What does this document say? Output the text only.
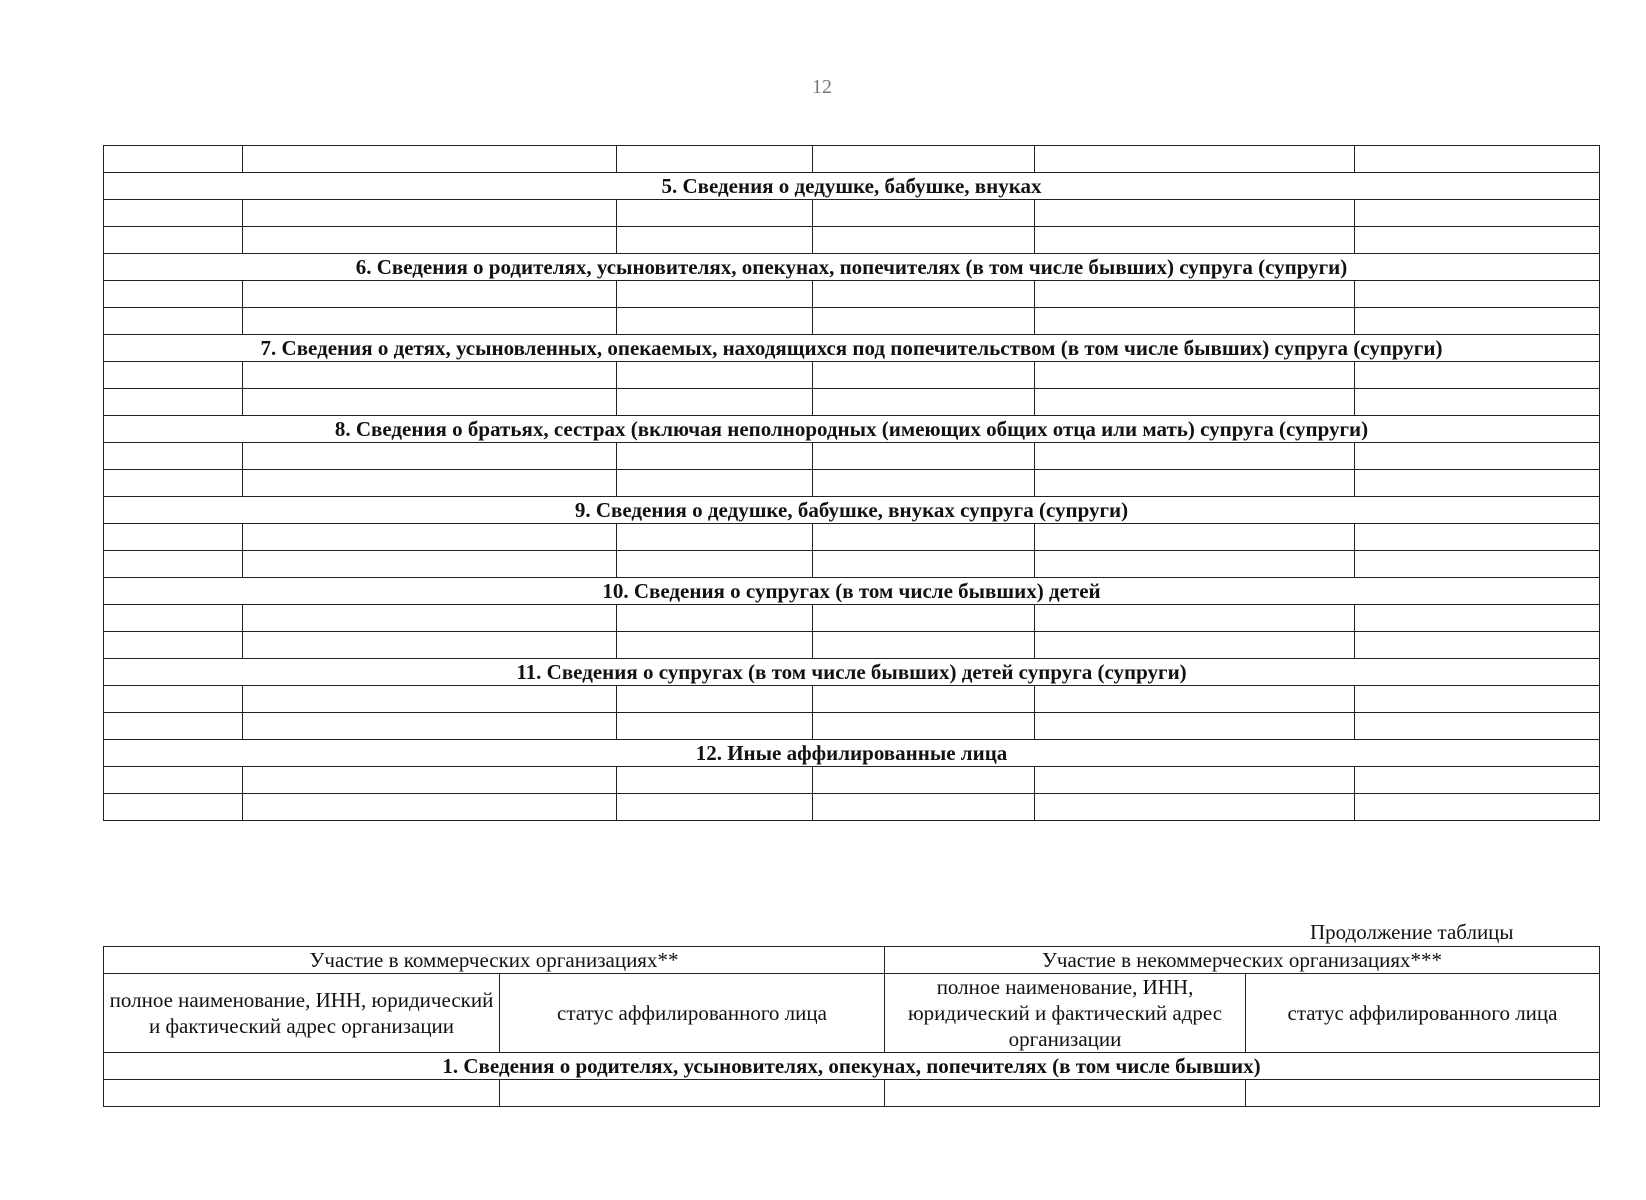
12

5. Сведения о дедушке, бабушке, внуках					

6. Сведения о родителях, усыновителях, опекунах, попечителях (в том числе бывших) супруга (супруги)					

7. Сведения о детях, усыновленных, опекаемых, находящихся под попечительством (в том числе бывших) супруга (супруги)					

8. Сведения о братьях, сестрах (включая неполнородных (имеющих общих отца или мать) супруга (супруги)					

9. Сведения о дедушке, бабушке, внуках супруга (супруги)					

10. Сведения о супругах (в том числе бывших) детей					

11. Сведения о супругах (в том числе бывших) детей супруга (супруги)					

12. Иные аффилированные лица					

Продолжение таблицы
Участие в коммерческих организациях**		Участие в некоммерческих организациях***	
полное наименование, ИНН, юридический и фактический адрес организации	статус аффилированного лица	полное наименование, ИНН, юридический и фактический адрес организации	статус аффилированного лица
1. Сведения о родителях, усыновителях, опекунах, попечителях (в том числе бывших)			
